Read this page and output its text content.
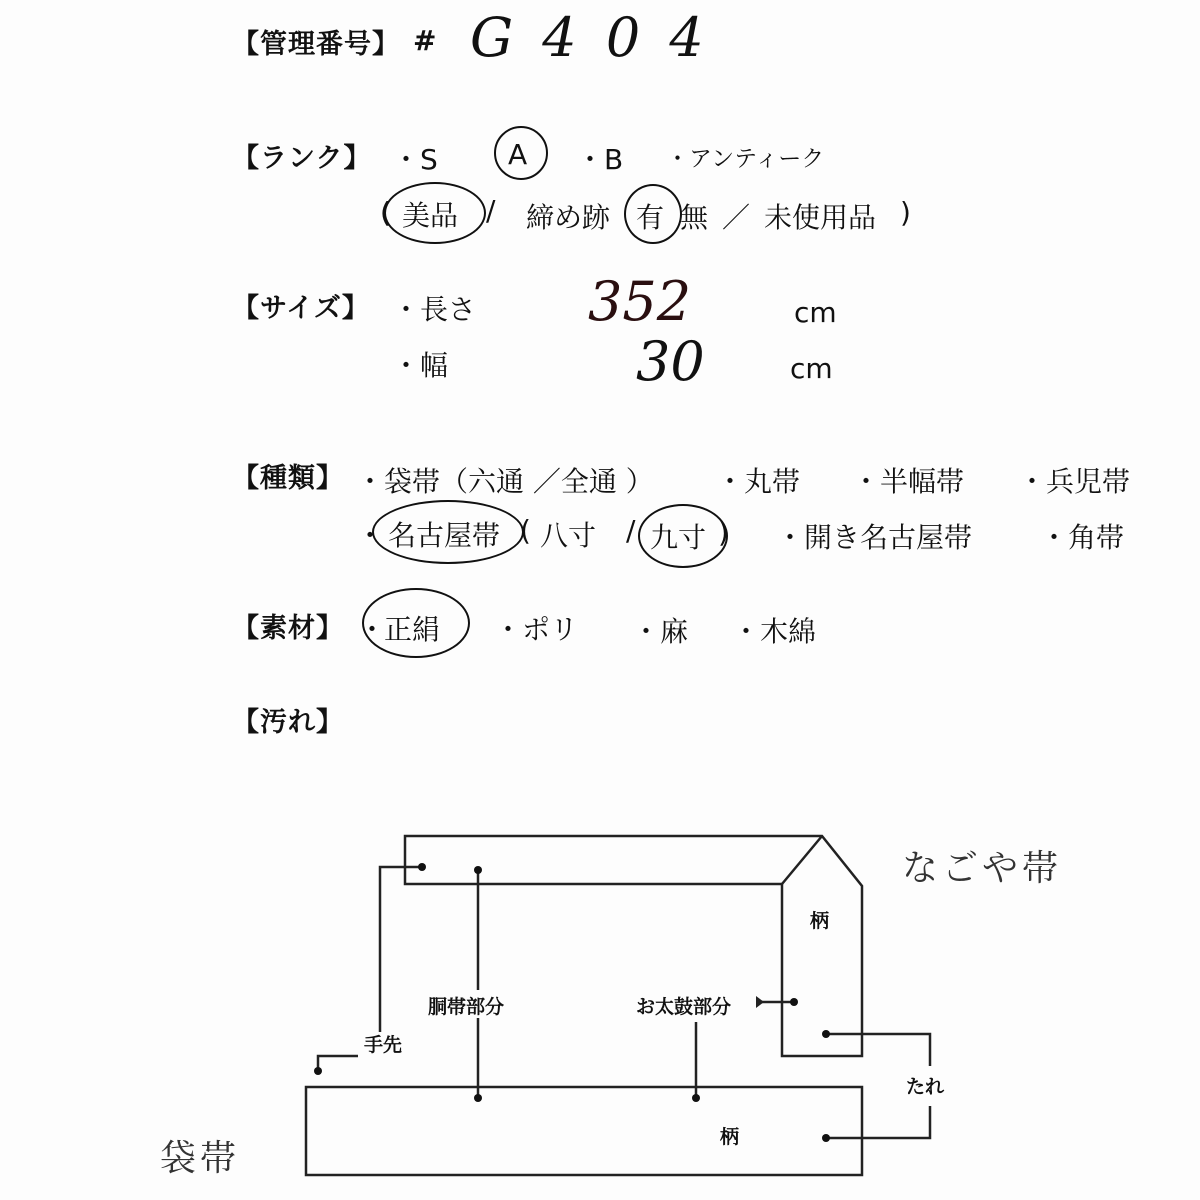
【管理番号】 # G 4 0 4
【ランク】 ・S	A ・B ・アンティーク
( 美品 / 締め跡 有 無 ／ 未使用品 )
【サイズ】 ・長さ 352	cm
・幅	30	cm
【種類】 ・袋帯（六通 ／全通 ） ・丸帯 ・半幅帯 ・兵児帯
・ 名古屋帯 ( 八寸 / 九寸 ) ・開き名古屋帯 ・角帯
【素材】 ・
正絹 ・ポリ ・麻 ・木綿
【汚れ】
なごや帯
袋帯
柄
柄
胴帯部分	お太鼓部分
手先
たれ
